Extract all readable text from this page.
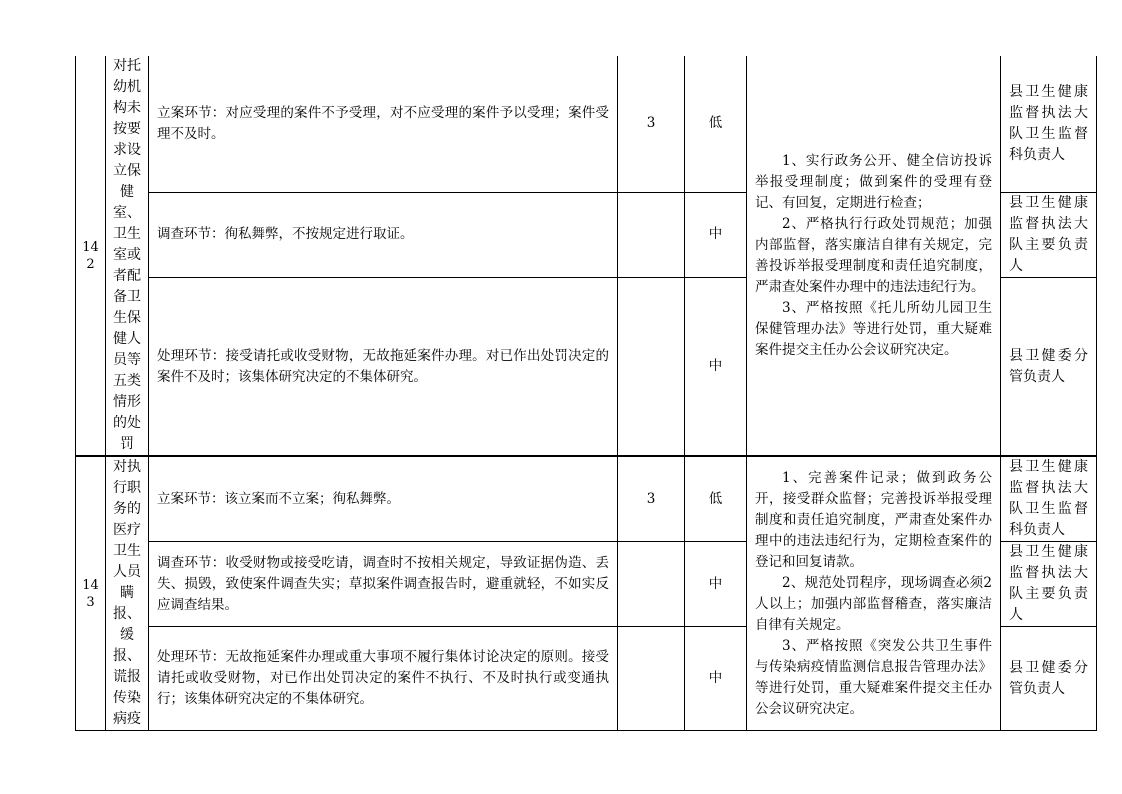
142	对托幼机构未按要求设立保健室、卫生室或者配备卫生保健人员等五类情形的处罚	立案环节：对应受理的案件不予受理，对不应受理的案件予以受理；案件受理不及时。	3	低	1、实行政务公开、健全信访投诉举报受理制度；做到案件的受理有登记、有回复，定期进行检查；

2、严格执行行政处罚规范；加强内部监督，落实廉洁自律有关规定，完善投诉举报受理制度和责任追究制度，严肃查处案件办理中的违法违纪行为。

3、严格按照《托儿所幼儿园卫生保健管理办法》等进行处罚，重大疑难案件提交主任办公会议研究决定。	县卫生健康监督执法大队卫生监督科负责人
		调查环节：徇私舞弊，不按规定进行取证。		中		县卫生健康监督执法大队主要负责人
		处理环节：接受请托或收受财物，无故拖延案件办理。对已作出处罚决定的案件不及时；该集体研究决定的不集体研究。		中		县卫健委分管负责人
143	对执行职务的医疗卫生人员瞒报、缓报、谎报传染病疫	立案环节：该立案而不立案；徇私舞弊。	3	低	1、完善案件记录；做到政务公开，接受群众监督；完善投诉举报受理制度和责任追究制度，严肃查处案件办理中的违法违纪行为，定期检查案件的登记和回复请款。

2、规范处罚程序，现场调查必须2人以上；加强内部监督稽查，落实廉洁自律有关规定。

3、严格按照《突发公共卫生事件与传染病疫情监测信息报告管理办法》等进行处罚，重大疑难案件提交主任办公会议研究决定。	县卫生健康监督执法大队卫生监督科负责人
		调查环节：收受财物或接受吃请，调查时不按相关规定，导致证据伪造、丢失、损毁，致使案件调查失实；草拟案件调查报告时，避重就轻，不如实反应调查结果。		中		县卫生健康监督执法大队主要负责人
		处理环节：无故拖延案件办理或重大事项不履行集体讨论决定的原则。接受请托或收受财物，对已作出处罚决定的案件不执行、不及时执行或变通执行；该集体研究决定的不集体研究。		中		县卫健委分管负责人
